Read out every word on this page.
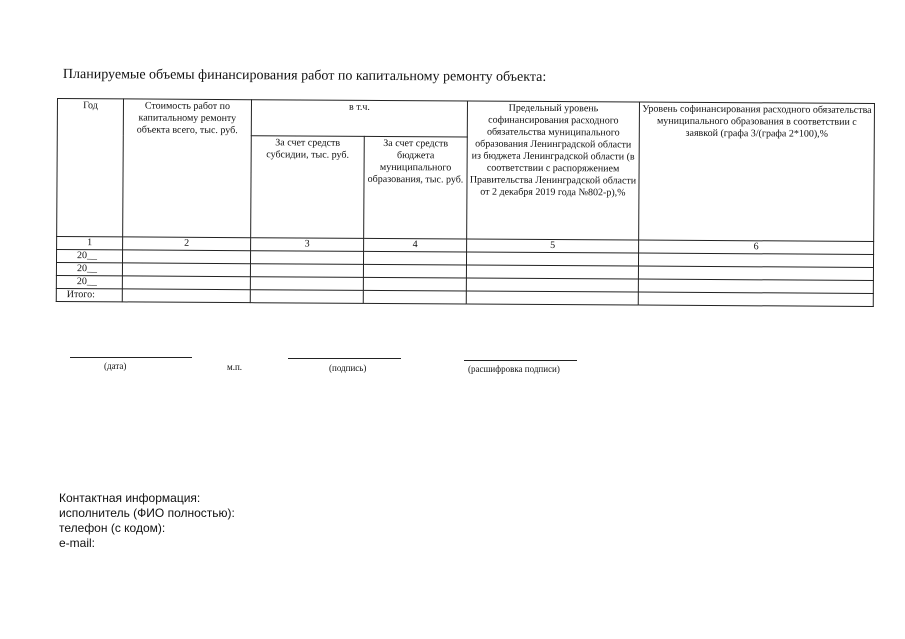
Планируемые объемы финансирования работ по капитальному ремонту объекта:
Год	Стоимость работ по капитальному ремонту объекта всего, тыс. руб.	в т.ч.		Предельный уровень софинансирования расходного обязательства муниципального образования Ленинградской области из бюджета Ленинградской области (в соответствии с распоряжением Правительства Ленинградской области от 2 декабря 2019 года №802-р),%	Уровень софинансирования расходного обязательства муниципального образования в соответствии с заявкой (графа 3/(графа 2*100),%
		За счет средств субсидии, тыс. руб.	За счет средств бюджета муниципального образования, тыс. руб.		
1	2	3	4	5	6
20__					
20__					
20__					
Итого:					
(дата)	м.п.	(подпись)	(расшифровка подписи)
Контактная информация:
исполнитель (ФИО полностью):
телефон (с кодом):
e-mail:
